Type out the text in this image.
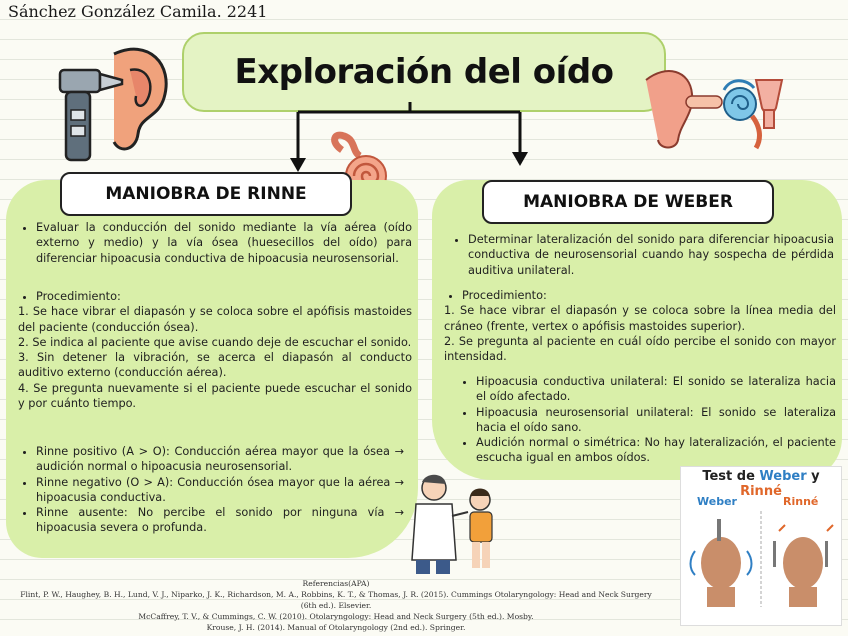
Sánchez González Camila. 2241
Exploración del oído
MANIOBRA DE RINNE
• Evaluar la conducción del sonido mediante la vía aérea (oído externo y medio) y la vía ósea (huesecillos del oído) para diferenciar hipoacusia conductiva de hipoacusia neurosensorial.
• Procedimiento:

1. Se hace vibrar el diapasón y se coloca sobre el apófisis mastoides del paciente (conducción ósea).

2. Se indica al paciente que avise cuando deje de escuchar el sonido.

3. Sin detener la vibración, se acerca el diapasón al conducto auditivo externo (conducción aérea).

4. Se pregunta nuevamente si el paciente puede escuchar el sonido y por cuánto tiempo.

• Rinne positivo (A > O): Conducción aérea mayor que la ósea → audición normal o hipoacusia neurosensorial.
• Rinne negativo (O > A): Conducción ósea mayor que la aérea → hipoacusia conductiva.
• Rinne ausente: No percibe el sonido por ninguna vía → hipoacusia severa o profunda.
MANIOBRA DE WEBER
• Determinar lateralización del sonido para diferenciar hipoacusia conductiva de neurosensorial cuando hay sospecha de pérdida auditiva unilateral.
• Procedimiento:

1. Se hace vibrar el diapasón y se coloca sobre la línea media del cráneo (frente, vertex o apófisis mastoides superior).

2. Se pregunta al paciente en cuál oído percibe el sonido con mayor intensidad.

• Hipoacusia conductiva unilateral: El sonido se lateraliza hacia el oído afectado.
• Hipoacusia neurosensorial unilateral: El sonido se lateraliza hacia el oído sano.
• Audición normal o simétrica: No hay lateralización, el paciente escucha igual en ambos oídos.
Test de Weber y Rinné
Weber	Rinné

Referencias(APA)

Flint, P. W., Haughey, B. H., Lund, V. J., Niparko, J. K., Richardson, M. A., Robbins, K. T., & Thomas, J. R. (2015). Cummings Otolaryngology: Head and Neck Surgery (6th ed.). Elsevier.

McCaffrey, T. V., & Cummings, C. W. (2010). Otolaryngology: Head and Neck Surgery (5th ed.). Mosby.

Krouse, J. H. (2014). Manual of Otolaryngology (2nd ed.). Springer.
